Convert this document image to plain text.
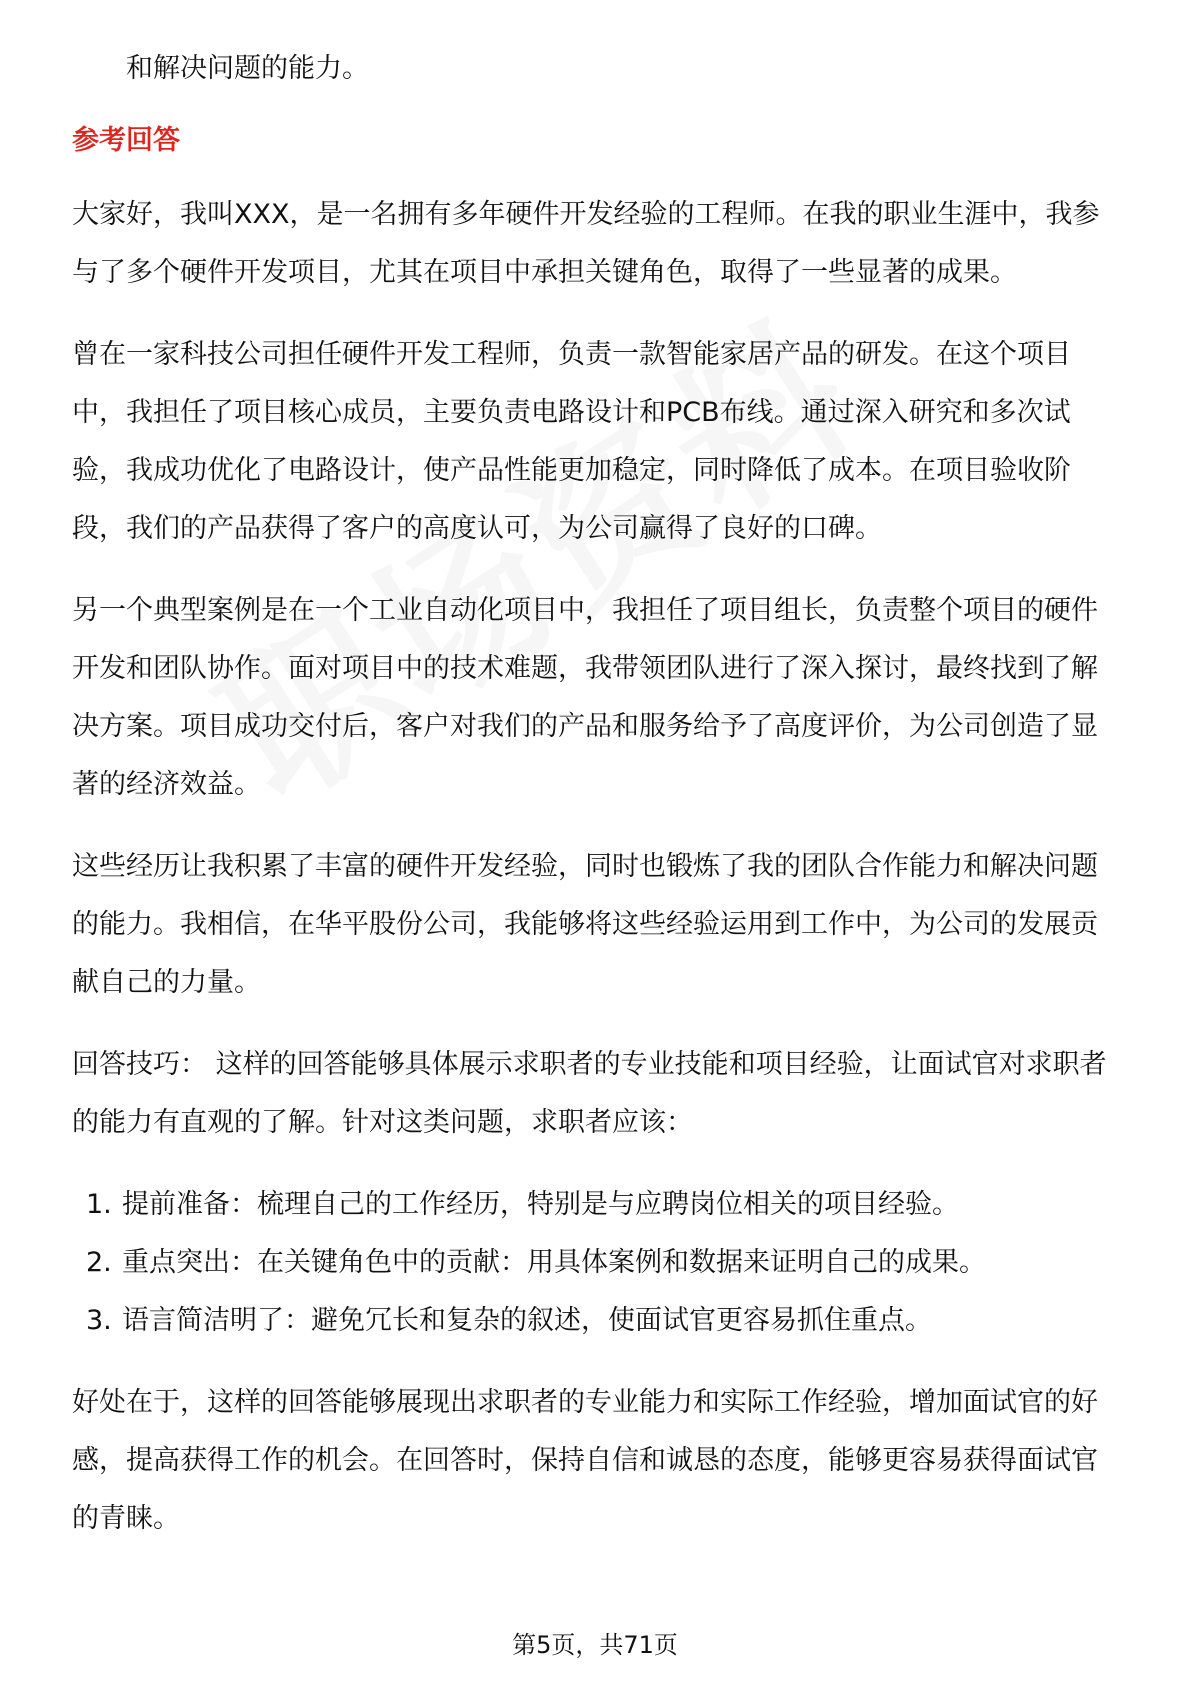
和解决问题的能力。

参考回答

大家好，我叫XXX，是一名拥有多年硬件开发经验的工程师。在我的职业生涯中，我参与了多个硬件开发项目，尤其在项目中承担关键角色，取得了一些显著的成果。

曾在一家科技公司担任硬件开发工程师，负责一款智能家居产品的研发。在这个项目中，我担任了项目核心成员，主要负责电路设计和PCB布线。通过深入研究和多次试验，我成功优化了电路设计，使产品性能更加稳定，同时降低了成本。在项目验收阶段，我们的产品获得了客户的高度认可，为公司赢得了良好的口碑。

另一个典型案例是在一个工业自动化项目中，我担任了项目组长，负责整个项目的硬件开发和团队协作。面对项目中的技术难题，我带领团队进行了深入探讨，最终找到了解决方案。项目成功交付后，客户对我们的产品和服务给予了高度评价，为公司创造了显著的经济效益。

这些经历让我积累了丰富的硬件开发经验，同时也锻炼了我的团队合作能力和解决问题的能力。我相信，在华平股份公司，我能够将这些经验运用到工作中，为公司的发展贡献自己的力量。

回答技巧： 这样的回答能够具体展示求职者的专业技能和项目经验，让面试官对求职者的能力有直观的了解。针对这类问题，求职者应该：

1. 提前准备：梳理自己的工作经历，特别是与应聘岗位相关的项目经验。
2. 重点突出：在关键角色中的贡献：用具体案例和数据来证明自己的成果。
3. 语言简洁明了：避免冗长和复杂的叙述，使面试官更容易抓住重点。

好处在于，这样的回答能够展现出求职者的专业能力和实际工作经验，增加面试官的好感，提高获得工作的机会。在回答时，保持自信和诚恳的态度，能够更容易获得面试官的青睐。

第5页，共71页
